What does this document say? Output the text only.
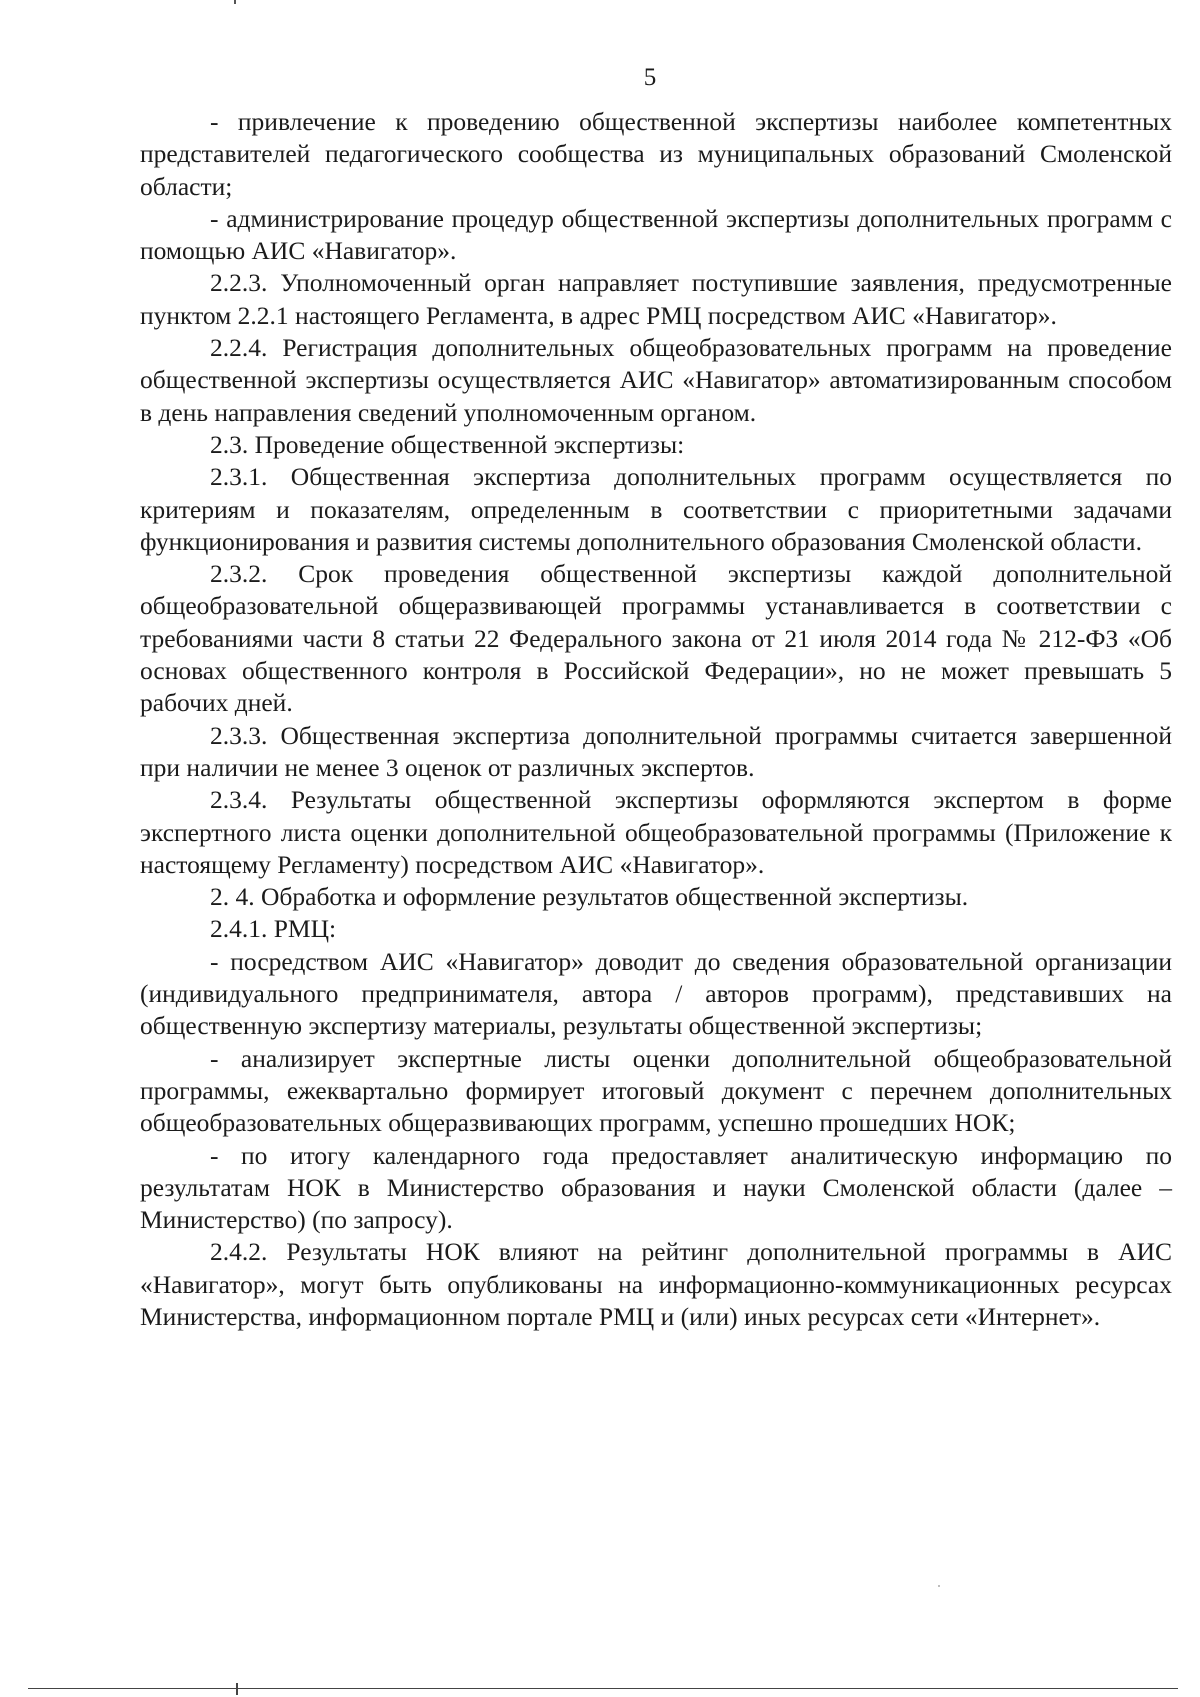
5

- привлечение к проведению общественной экспертизы наиболее компетентных представителей педагогического сообщества из муниципальных образований Смоленской области;

- администрирование процедур общественной экспертизы дополнительных программ с помощью АИС «Навигатор».

2.2.3. Уполномоченный орган направляет поступившие заявления, предусмотренные пунктом 2.2.1 настоящего Регламента, в адрес РМЦ посредством АИС «Навигатор».

2.2.4. Регистрация дополнительных общеобразовательных программ на проведение общественной экспертизы осуществляется АИС «Навигатор» автоматизированным способом в день направления сведений уполномоченным органом.

2.3. Проведение общественной экспертизы:

2.3.1. Общественная экспертиза дополнительных программ осуществляется по критериям и показателям, определенным в соответствии с приоритетными задачами функционирования и развития системы дополнительного образования Смоленской области.

2.3.2. Срок проведения общественной экспертизы каждой дополнительной общеобразовательной общеразвивающей программы устанавливается в соответствии с требованиями части 8 статьи 22 Федерального закона от 21 июля 2014 года № 212-ФЗ «Об основах общественного контроля в Российской Федерации», но не может превышать 5 рабочих дней.

2.3.3. Общественная экспертиза дополнительной программы считается завершенной при наличии не менее 3 оценок от различных экспертов.

2.3.4. Результаты общественной экспертизы оформляются экспертом в форме экспертного листа оценки дополнительной общеобразовательной программы (Приложение к настоящему Регламенту) посредством АИС «Навигатор».

2. 4. Обработка и оформление результатов общественной экспертизы.

2.4.1. РМЦ:

- посредством АИС «Навигатор» доводит до сведения образовательной организации (индивидуального предпринимателя, автора / авторов программ), представивших на общественную экспертизу материалы, результаты общественной экспертизы;

- анализирует экспертные листы оценки дополнительной общеобразовательной программы, ежеквартально формирует итоговый документ с перечнем дополнительных общеобразовательных общеразвивающих программ, успешно прошедших НОК;

- по итогу календарного года предоставляет аналитическую информацию по результатам НОК в Министерство образования и науки Смоленской области (далее – Министерство) (по запросу).

2.4.2. Результаты НОК влияют на рейтинг дополнительной программы в АИС «Навигатор», могут быть опубликованы на информационно-коммуникационных ресурсах Министерства, информационном портале РМЦ и (или) иных ресурсах сети «Интернет».
